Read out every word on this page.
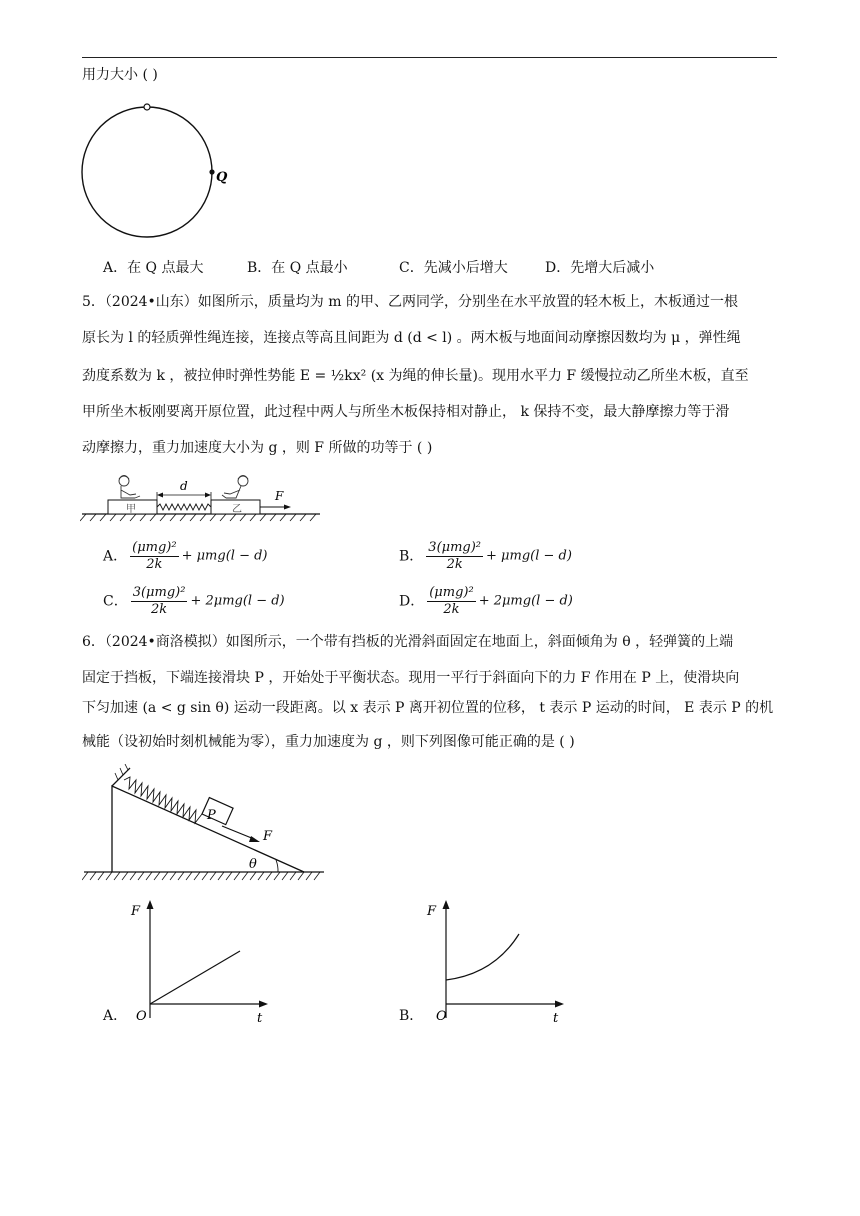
用力大小 ( )
Q
A．在 Q 点最大	B．在 Q 点最小	C．先减小后增大	D．先增大后减小
5．（2024•山东）如图所示，质量均为 m 的甲、乙两同学，分别坐在水平放置的轻木板上，木板通过一根
原长为 l 的轻质弹性绳连接，连接点等高且间距为 d (d < l) 。两木板与地面间动摩擦因数均为 μ ，弹性绳
劲度系数为 k ，被拉伸时弹性势能 E = ½kx² (x 为绳的伸长量)。现用水平力 F 缓慢拉动乙所坐木板，直至
甲所坐木板刚要离开原位置，此过程中两人与所坐木板保持相对静止， k 保持不变，最大静摩擦力等于滑
动摩擦力，重力加速度大小为 g ，则 F 所做的功等于 ( )
甲	乙
d
F
A． $\frac{\text{(μmg)²}}{2k} + \mu mg(l - d)$	B． $\frac{\text{3(μmg)²}}{2k} + \mu mg(l - d)$
C． $\frac{\text{3(μmg)²}}{2k} + 2\mu mg(l - d)$	D． $\frac{\text{(μmg)²}}{2k} + 2\mu mg(l - d)$
6．（2024•商洛模拟）如图所示，一个带有挡板的光滑斜面固定在地面上，斜面倾角为 θ ，轻弹簧的上端
固定于挡板，下端连接滑块 P ，开始处于平衡状态。现用一平行于斜面向下的力 F 作用在 P 上，使滑块向
下匀加速 (a < g sin θ) 运动一段距离。以 x 表示 P 离开初位置的位移， t 表示 P 运动的时间， E 表示 P 的机
械能（设初始时刻机械能为零），重力加速度为 g ，则下列图像可能正确的是 ( )
P
F
θ
F
t
O
A．
F
t
O
B．
